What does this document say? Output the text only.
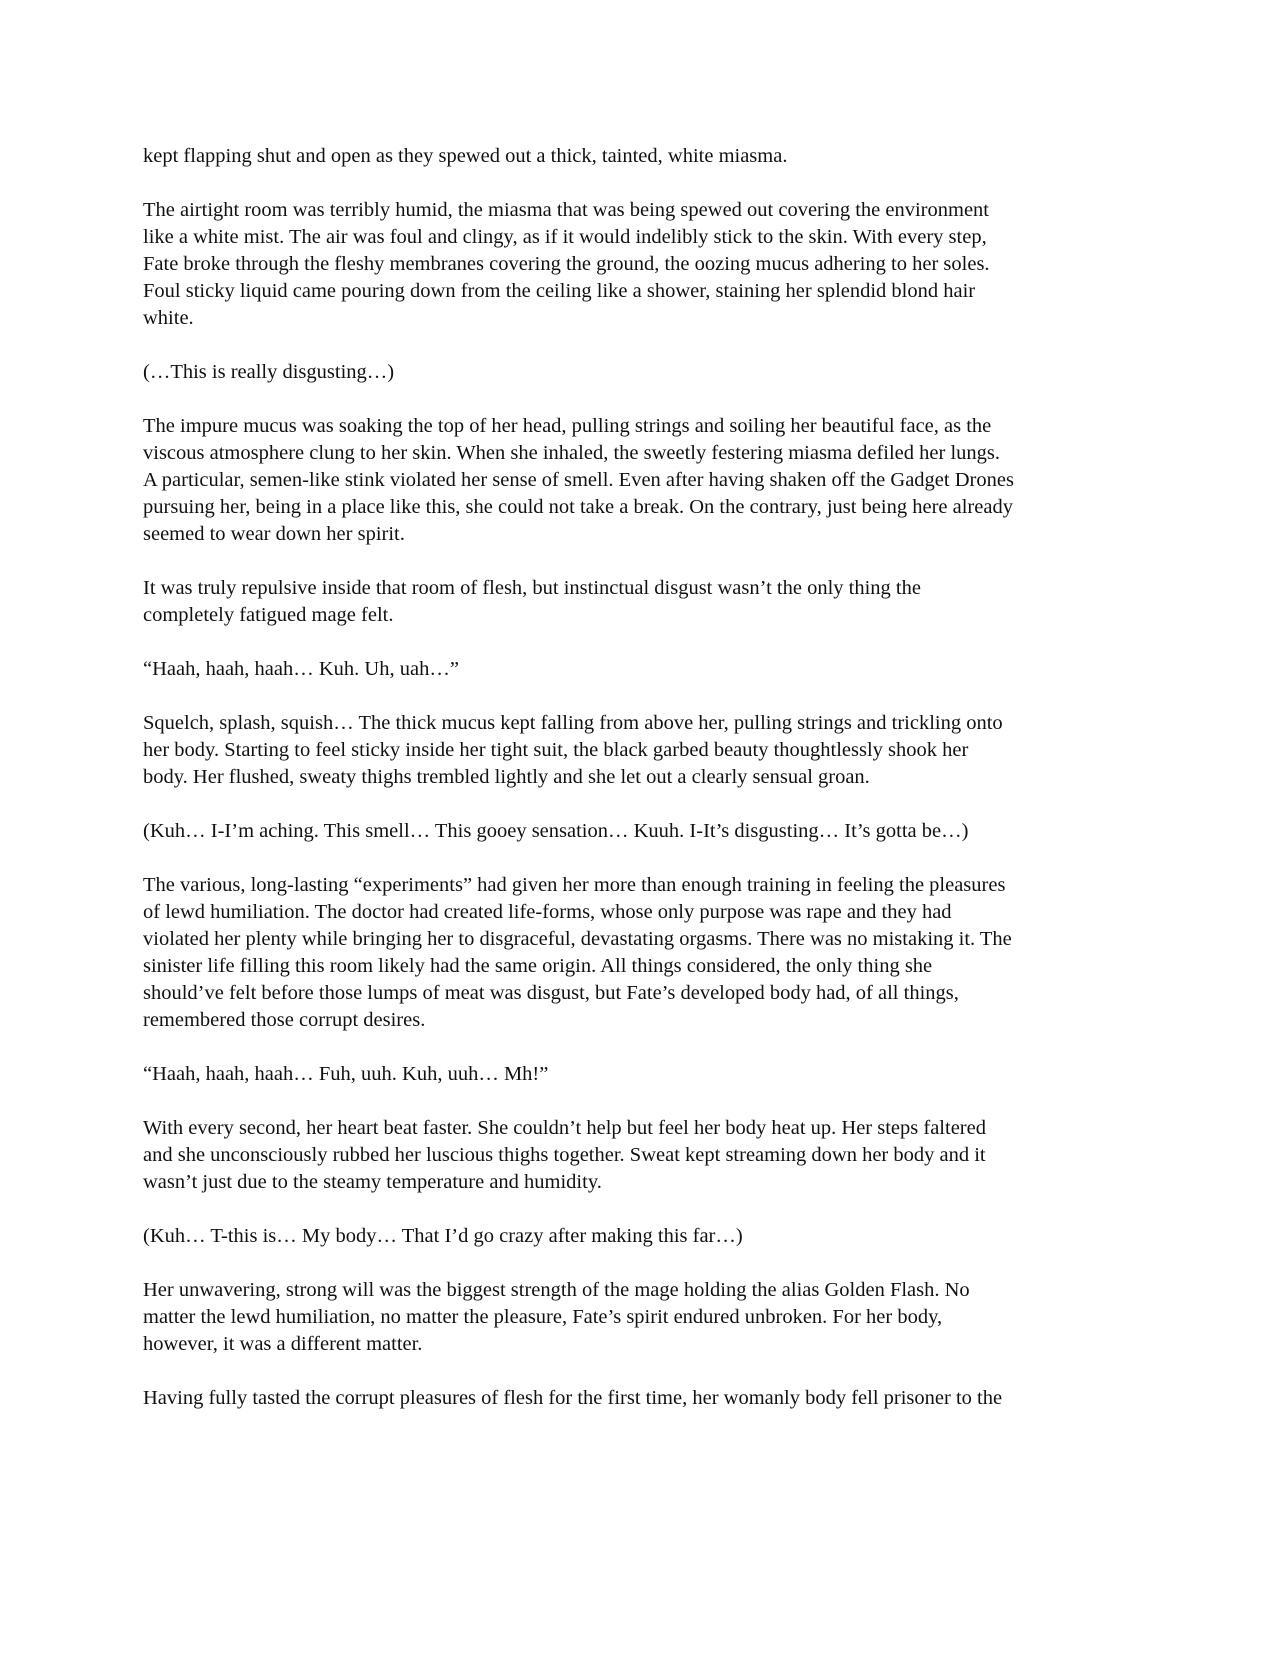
kept flapping shut and open as they spewed out a thick, tainted, white miasma.
The airtight room was terribly humid, the miasma that was being spewed out covering the environment
like a white mist. The air was foul and clingy, as if it would indelibly stick to the skin. With every step,
Fate broke through the fleshy membranes covering the ground, the oozing mucus adhering to her soles.
Foul sticky liquid came pouring down from the ceiling like a shower, staining her splendid blond hair
white.
(…This is really disgusting…)
The impure mucus was soaking the top of her head, pulling strings and soiling her beautiful face, as the
viscous atmosphere clung to her skin. When she inhaled, the sweetly festering miasma defiled her lungs.
A particular, semen-like stink violated her sense of smell. Even after having shaken off the Gadget Drones
pursuing her, being in a place like this, she could not take a break. On the contrary, just being here already
seemed to wear down her spirit.
It was truly repulsive inside that room of flesh, but instinctual disgust wasn’t the only thing the
completely fatigued mage felt.
“Haah, haah, haah… Kuh. Uh, uah…”
Squelch, splash, squish… The thick mucus kept falling from above her, pulling strings and trickling onto
her body. Starting to feel sticky inside her tight suit, the black garbed beauty thoughtlessly shook her
body. Her flushed, sweaty thighs trembled lightly and she let out a clearly sensual groan.
(Kuh… I-I’m aching. This smell… This gooey sensation… Kuuh. I-It’s disgusting… It’s gotta be…)
The various, long-lasting “experiments” had given her more than enough training in feeling the pleasures
of lewd humiliation. The doctor had created life-forms, whose only purpose was rape and they had
violated her plenty while bringing her to disgraceful, devastating orgasms. There was no mistaking it. The
sinister life filling this room likely had the same origin. All things considered, the only thing she
should’ve felt before those lumps of meat was disgust, but Fate’s developed body had, of all things,
remembered those corrupt desires.
“Haah, haah, haah… Fuh, uuh. Kuh, uuh… Mh!”
With every second, her heart beat faster. She couldn’t help but feel her body heat up. Her steps faltered
and she unconsciously rubbed her luscious thighs together. Sweat kept streaming down her body and it
wasn’t just due to the steamy temperature and humidity.
(Kuh… T-this is… My body… That I’d go crazy after making this far…)
Her unwavering, strong will was the biggest strength of the mage holding the alias Golden Flash. No
matter the lewd humiliation, no matter the pleasure, Fate’s spirit endured unbroken. For her body,
however, it was a different matter.
Having fully tasted the corrupt pleasures of flesh for the first time, her womanly body fell prisoner to the
